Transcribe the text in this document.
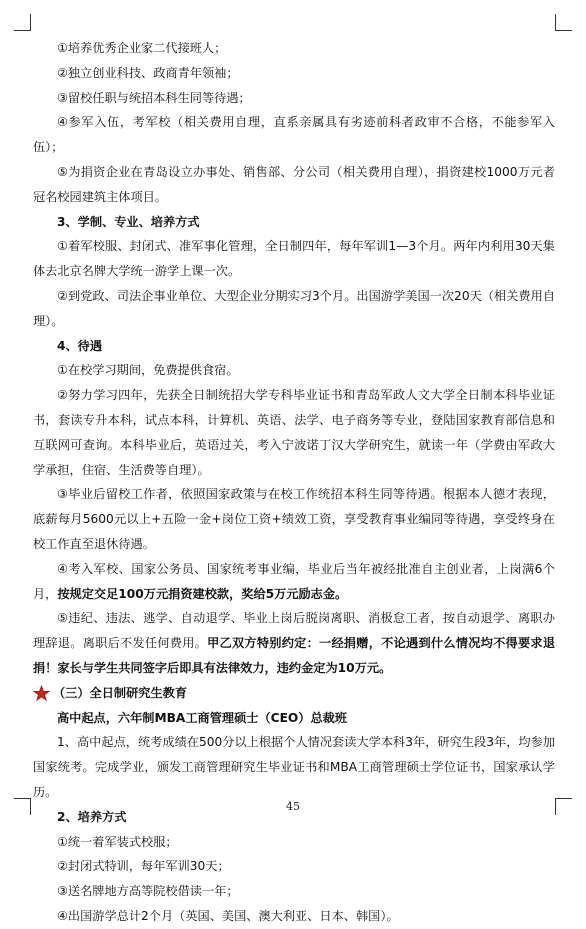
①培养优秀企业家二代接班人；

②独立创业科技、政商青年领袖；

③留校任职与统招本科生同等待遇；

④参军入伍，考军校（相关费用自理，直系亲属具有劣迹前科者政审不合格，不能参军入伍）；

⑤为捐资企业在青岛设立办事处、销售部、分公司（相关费用自理），捐资建校1000万元者冠名校园建筑主体项目。

3、学制、专业、培养方式

①着军校服、封闭式、准军事化管理，全日制四年，每年军训1—3个月。两年内利用30天集体去北京名牌大学统一游学上课一次。

②到党政、司法企事业单位、大型企业分期实习3个月。出国游学美国一次20天（相关费用自理）。

4、待遇

①在校学习期间，免费提供食宿。

②努力学习四年，先获全日制统招大学专科毕业证书和青岛军政人文大学全日制本科毕业证书，套读专升本科，试点本科，计算机、英语、法学、电子商务等专业，登陆国家教育部信息和互联网可查询。本科毕业后，英语过关，考入宁波诺丁汉大学研究生，就读一年（学费由军政大学承担，住宿、生活费等自理）。

③毕业后留校工作者，依照国家政策与在校工作统招本科生同等待遇。根据本人德才表现，底薪每月5600元以上+五险一金+岗位工资+绩效工资，享受教育事业编同等待遇，享受终身在校工作直至退休待遇。

④考入军校、国家公务员、国家统考事业编，毕业后当年被经批准自主创业者，上岗满6个月，按规定交足100万元捐资建校款，奖给5万元励志金。

⑤违纪、违法、逃学、自动退学、毕业上岗后脱岗离职、消极怠工者，按自动退学、离职办理辞退。离职后不发任何费用。甲乙双方特别约定：一经捐赠，不论遇到什么情况均不得要求退捐！家长与学生共同签字后即具有法律效力，违约金定为10万元。

（三）全日制研究生教育

高中起点，六年制MBA工商管理硕士（CEO）总裁班

1、高中起点，统考成绩在500分以上根据个人情况套读大学本科3年，研究生段3年，均参加国家统考。完成学业，颁发工商管理研究生毕业证书和MBA工商管理硕士学位证书，国家承认学历。

2、培养方式

①统一着军装式校服；

②封闭式特训，每年军训30天；

③送名牌地方高等院校借读一年；

④出国游学总计2个月（英国、美国、澳大利亚、日本、韩国）。

45
